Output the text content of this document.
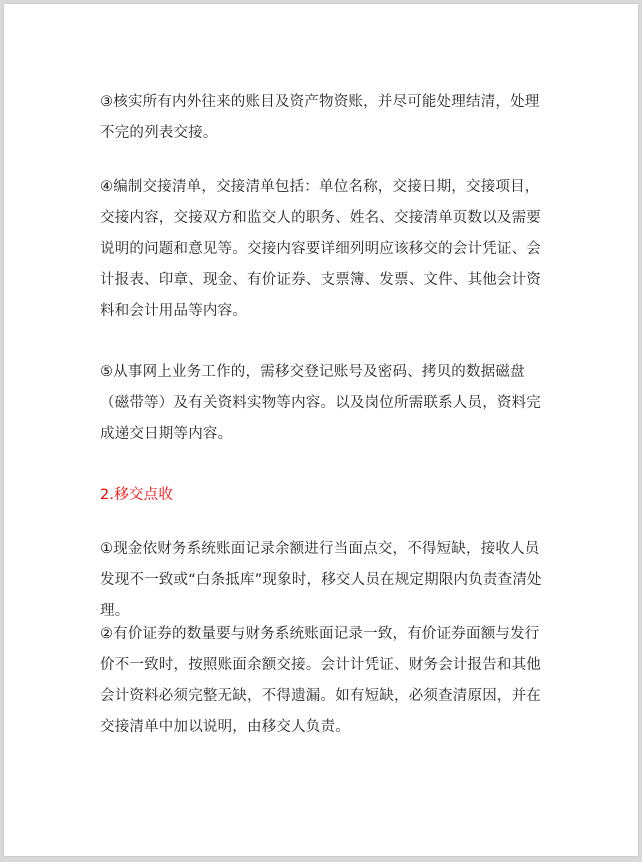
③核实所有内外往来的账目及资产物资账，并尽可能处理结清，处理不完的列表交接。

④编制交接清单，交接清单包括：单位名称，交接日期，交接项目，交接内容，交接双方和监交人的职务、姓名、交接清单页数以及需要说明的问题和意见等。交接内容要详细列明应该移交的会计凭证、会计报表、印章、现金、有价证券、支票簿、发票、文件、其他会计资料和会计用品等内容。

⑤从事网上业务工作的，需移交登记账号及密码、拷贝的数据磁盘（磁带等）及有关资料实物等内容。以及岗位所需联系人员，资料完成递交日期等内容。

2.移交点收

①现金依财务系统账面记录余额进行当面点交，不得短缺，接收人员发现不一致或“白条抵库”现象时，移交人员在规定期限内负责查清处理。

②有价证券的数量要与财务系统账面记录一致，有价证券面额与发行价不一致时，按照账面余额交接。会计计凭证、财务会计报告和其他会计资料必须完整无缺，不得遗漏。如有短缺，必须查清原因，并在交接清单中加以说明，由移交人负责。
